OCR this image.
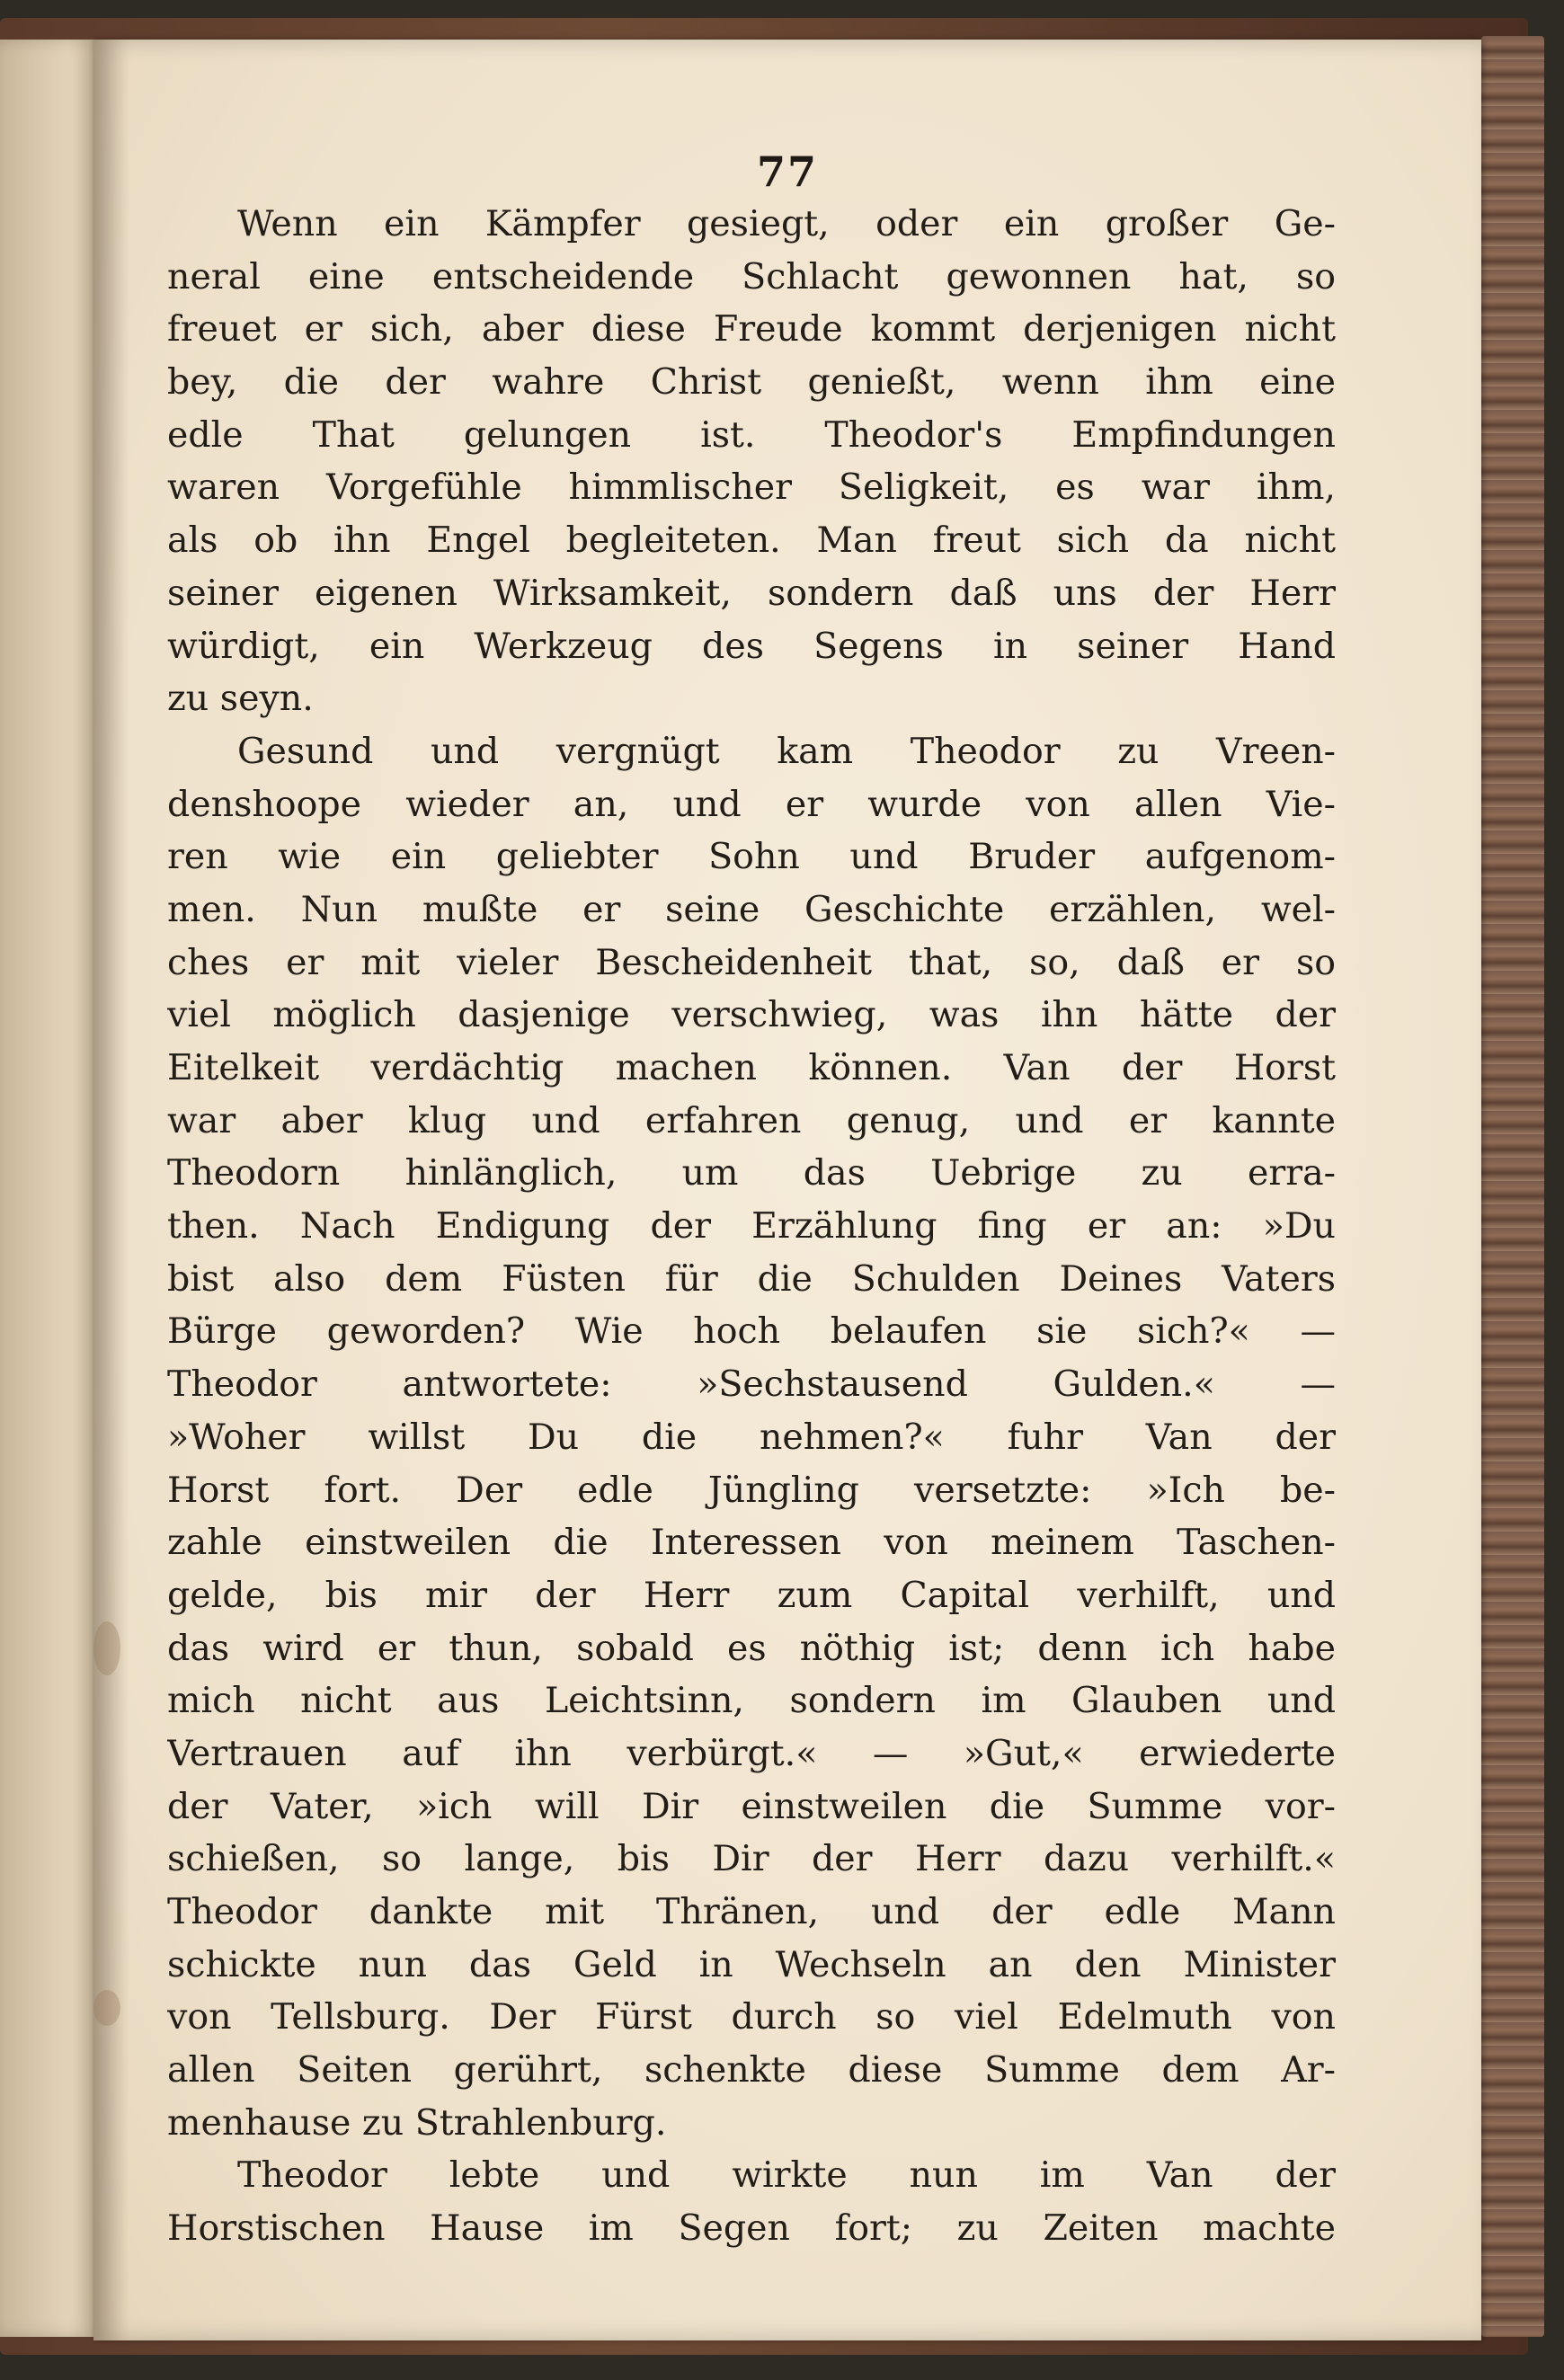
77
Wenn ein Kämpfer gesiegt, oder ein großer Ge-
neral eine entscheidende Schlacht gewonnen hat, so
freuet er sich, aber diese Freude kommt derjenigen nicht
bey, die der wahre Christ genießt, wenn ihm eine
edle That gelungen ist. Theodor's Empfindungen
waren Vorgefühle himmlischer Seligkeit, es war ihm,
als ob ihn Engel begleiteten. Man freut sich da nicht
seiner eigenen Wirksamkeit, sondern daß uns der Herr
würdigt, ein Werkzeug des Segens in seiner Hand
zu seyn.
Gesund und vergnügt kam Theodor zu Vreen-
denshoope wieder an, und er wurde von allen Vie-
ren wie ein geliebter Sohn und Bruder aufgenom-
men. Nun mußte er seine Geschichte erzählen, wel-
ches er mit vieler Bescheidenheit that, so, daß er so
viel möglich dasjenige verschwieg, was ihn hätte der
Eitelkeit verdächtig machen können. Van der Horst
war aber klug und erfahren genug, und er kannte
Theodorn hinlänglich, um das Uebrige zu erra-
then. Nach Endigung der Erzählung fing er an: »Du
bist also dem Füsten für die Schulden Deines Vaters
Bürge geworden? Wie hoch belaufen sie sich?« —
Theodor antwortete: »Sechstausend Gulden.« —
»Woher willst Du die nehmen?« fuhr Van der
Horst fort. Der edle Jüngling versetzte: »Ich be-
zahle einstweilen die Interessen von meinem Taschen-
gelde, bis mir der Herr zum Capital verhilft, und
das wird er thun, sobald es nöthig ist; denn ich habe
mich nicht aus Leichtsinn, sondern im Glauben und
Vertrauen auf ihn verbürgt.« — »Gut,« erwiederte
der Vater, »ich will Dir einstweilen die Summe vor-
schießen, so lange, bis Dir der Herr dazu verhilft.«
Theodor dankte mit Thränen, und der edle Mann
schickte nun das Geld in Wechseln an den Minister
von Tellsburg. Der Fürst durch so viel Edelmuth von
allen Seiten gerührt, schenkte diese Summe dem Ar-
menhause zu Strahlenburg.
Theodor lebte und wirkte nun im Van der
Horstischen Hause im Segen fort; zu Zeiten machte
